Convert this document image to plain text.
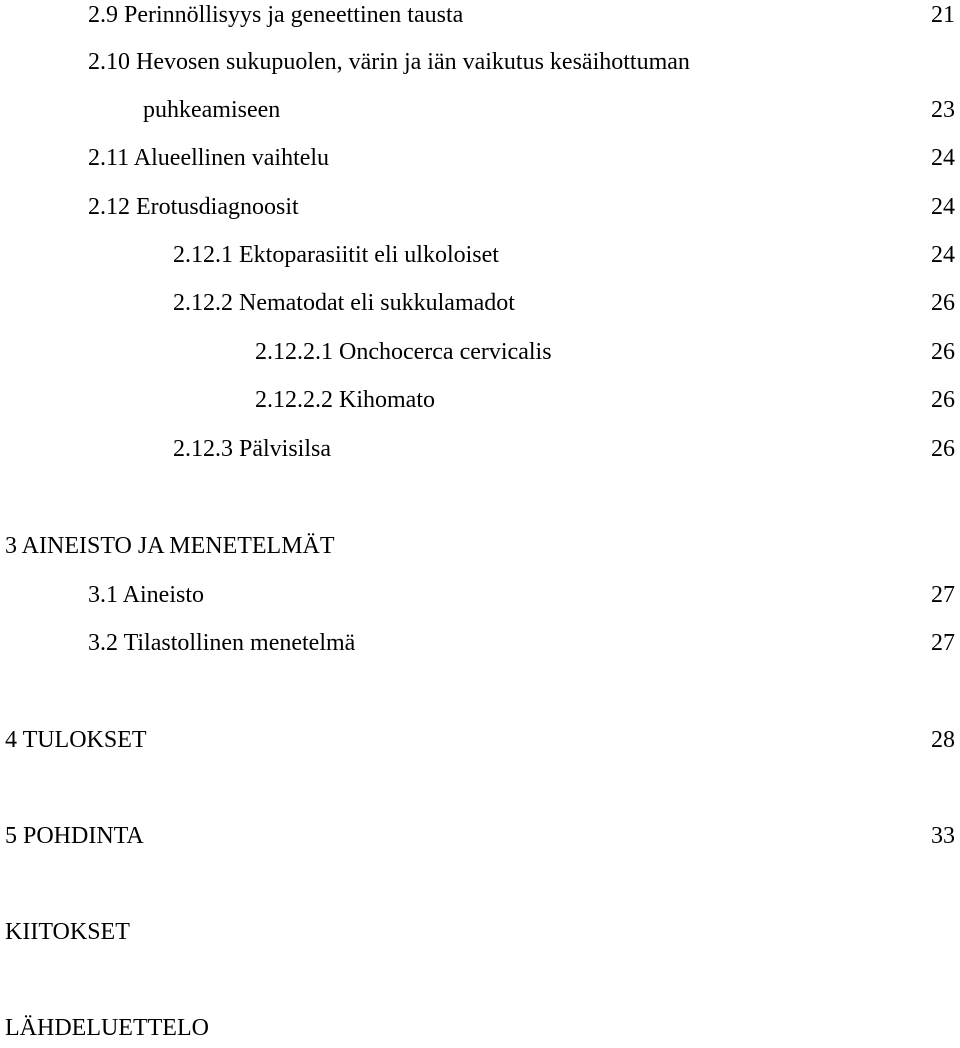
2.9 Perinnöllisyys ja geneettinen tausta	21
2.10 Hevosen sukupuolen, värin ja iän vaikutus kesäihottuman
puhkeamiseen	23
2.11 Alueellinen vaihtelu	24
2.12 Erotusdiagnoosit	24
2.12.1 Ektoparasiitit eli ulkoloiset	24
2.12.2 Nematodat eli sukkulamadot	26
2.12.2.1 Onchocerca cervicalis	26
2.12.2.2 Kihomato	26
2.12.3 Pälvisilsa	26
3 AINEISTO JA MENETELMÄT
3.1 Aineisto	27
3.2 Tilastollinen menetelmä	27
4 TULOKSET	28
5 POHDINTA	33
KIITOKSET
LÄHDELUETTELO
